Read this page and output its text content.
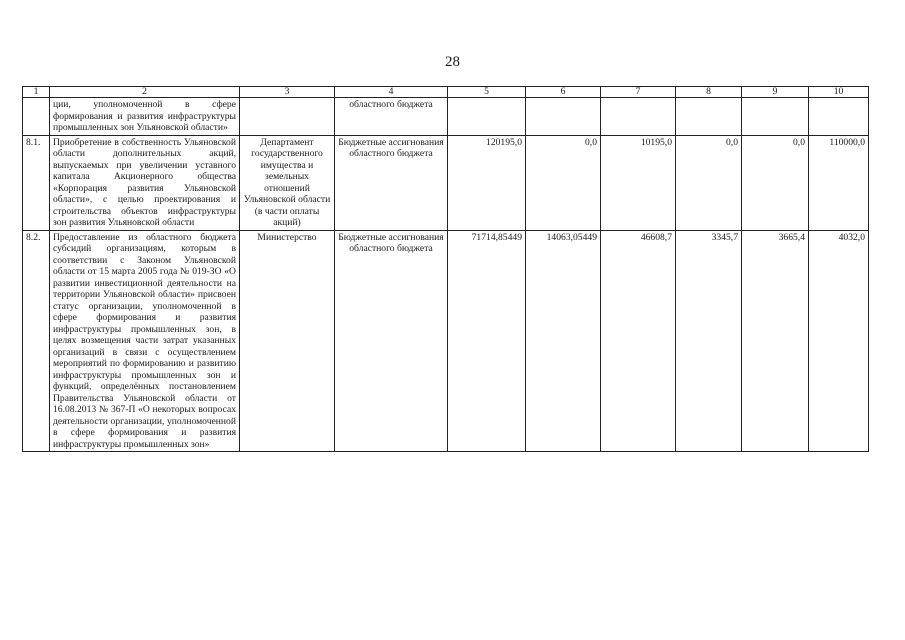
28
1	2	3	4	5	6	7	8	9	10
	ции, уполномоченной в сфере формирования и развития инфраструктуры промышленных зон Ульяновской области»		областного бюджета						
8.1.	Приобретение в собственность Ульяновской области дополнительных акций, выпускаемых при увеличении уставного капитала Акционерного общества «Корпорация развития Ульяновской области», с целью проектирования и строительства объектов инфраструктуры зон развития Ульяновской области	Департамент государственного имущества и земельных отношений Ульяновской области (в части оплаты акций)	Бюджетные ассигнования областного бюджета	120195,0	0,0	10195,0	0,0	0,0	110000,0
8.2.	Предоставление из областного бюджета субсидий организациям, которым в соответствии с Законом Ульяновской области от 15 марта 2005 года № 019-ЗО «О развитии инвестиционной деятельности на территории Ульяновской области» присвоен статус организации, уполномоченной в сфере формирования и развития инфраструктуры промышленных зон, в целях возмещения части затрат указанных организаций в связи с осуществлением мероприятий по формированию и развитию инфраструктуры промышленных зон и функций, определённых постановлением Правительства Ульяновской области от 16.08.2013 № 367-П «О некоторых вопросах деятельности организации, уполномоченной в сфере формирования и развития инфраструктуры промышленных зон»	Министерство	Бюджетные ассигнования областного бюджета	71714,85449	14063,05449	46608,7	3345,7	3665,4	4032,0
